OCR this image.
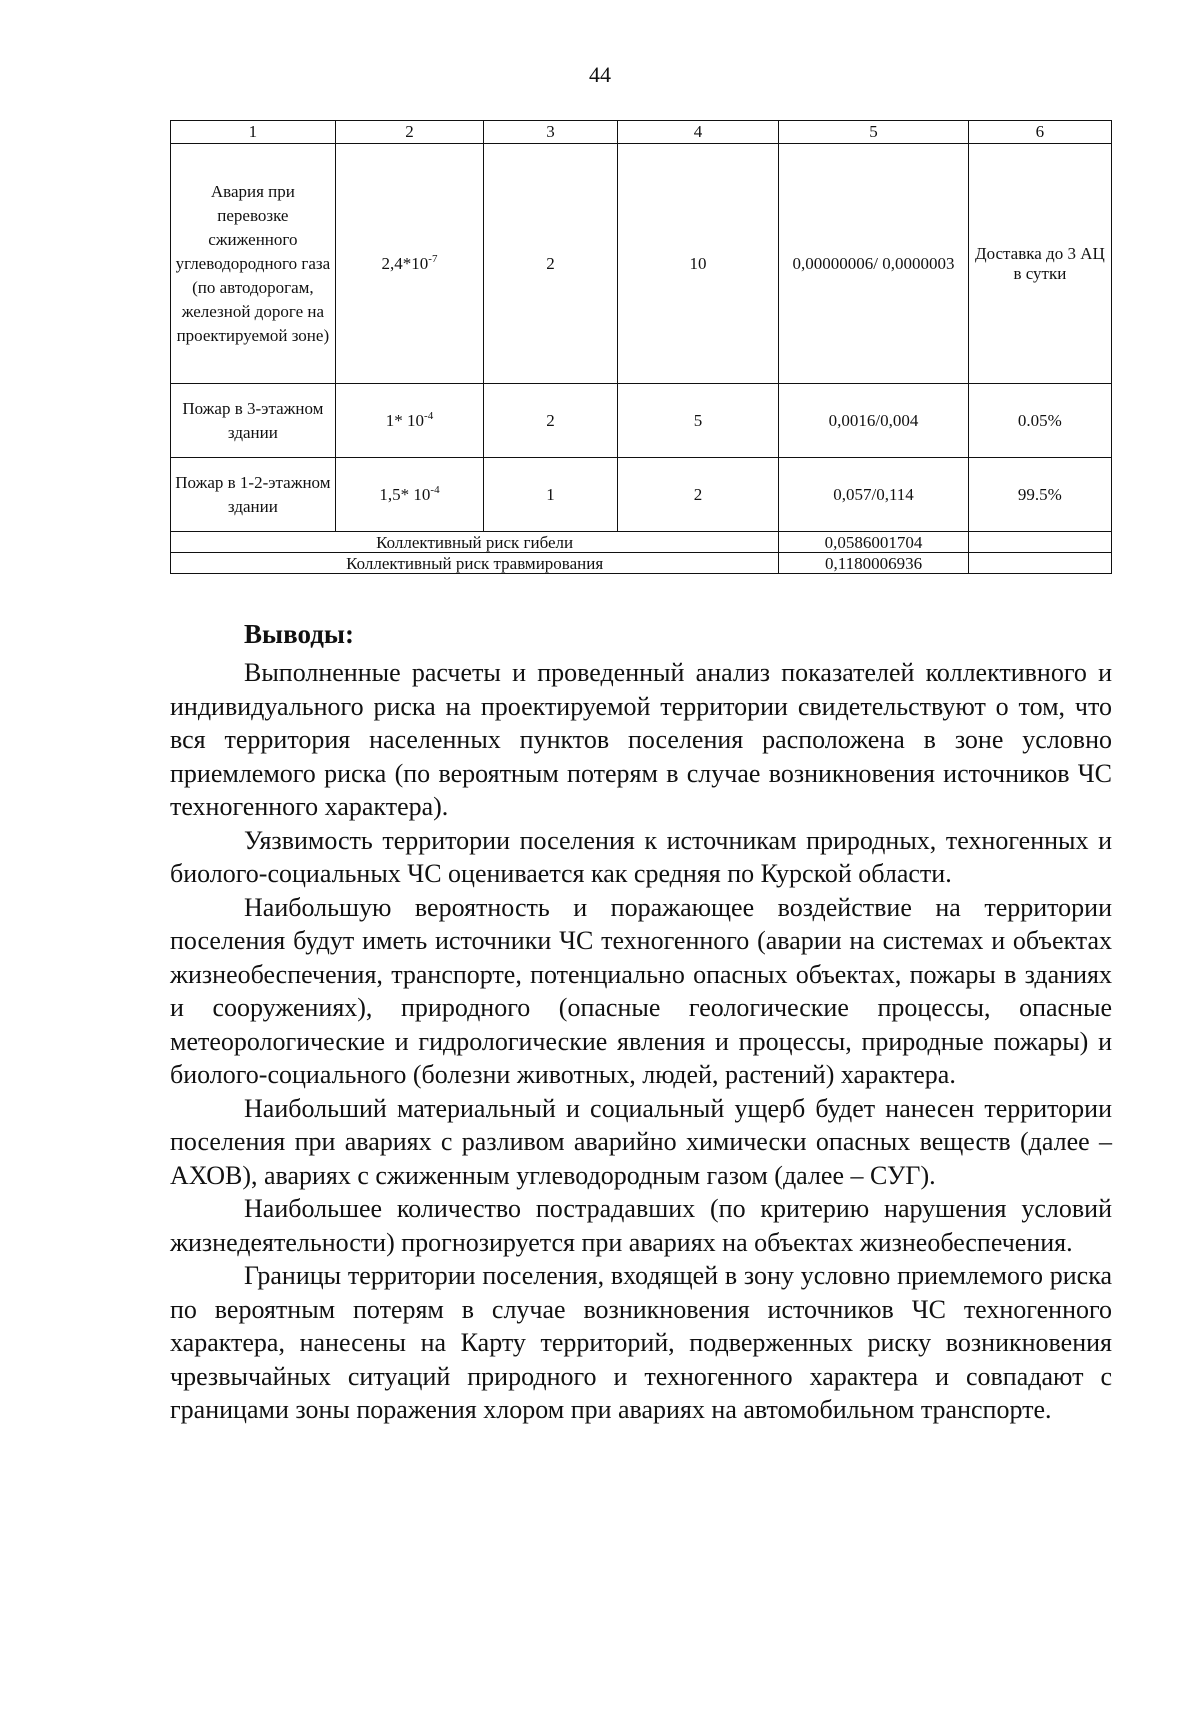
44
1	2	3	4	5	6
Авария при перевозке сжиженного углеводородного газа (по автодорогам, железной дороге на проектируемой зоне)	$2,4*10^{-7}$	2	10	0,00000006/ 0,0000003	Доставка до 3 АЦ в сутки
Пожар в 3-этажном здании	1* $10^{-4}$	2	5	0,0016/0,004	0.05%
Пожар в 1-2-этажном здании	1,5* $10^{-4}$	1	2	0,057/0,114	99.5%
Коллективный риск гибели				0,0586001704	
Коллективный риск травмирования				0,1180006936	
Выводы:

Выполненные расчеты и проведенный анализ показателей коллективного и индивидуального риска на проектируемой территории свидетельствуют о том, что вся территория населенных пунктов поселения расположена в зоне условно приемлемого риска (по вероятным потерям в случае возникновения источников ЧС техногенного характера).

Уязвимость территории поселения к источникам природных, техногенных и биолого-социальных ЧС оценивается как средняя по Курской области.

Наибольшую вероятность и поражающее воздействие на территории поселения будут иметь источники ЧС техногенного (аварии на системах и объектах жизнеобеспечения, транспорте, потенциально опасных объектах, пожары в зданиях и сооружениях), природного (опасные геологические процессы, опасные метеорологические и гидрологические явления и процессы, природные пожары) и биолого-социального (болезни животных, людей, растений) характера.

Наибольший материальный и социальный ущерб будет нанесен территории поселения при авариях с разливом аварийно химически опасных веществ (далее – АХОВ), авариях с сжиженным углеводородным газом (далее – СУГ).

Наибольшее количество пострадавших (по критерию нарушения условий жизнедеятельности) прогнозируется при авариях на объектах жизнеобеспечения.

Границы территории поселения, входящей в зону условно приемлемого риска по вероятным потерям в случае возникновения источников ЧС техногенного характера, нанесены на Карту территорий, подверженных риску возникновения чрезвычайных ситуаций природного и техногенного характера и совпадают с границами зоны поражения хлором при авариях на автомобильном транспорте.
